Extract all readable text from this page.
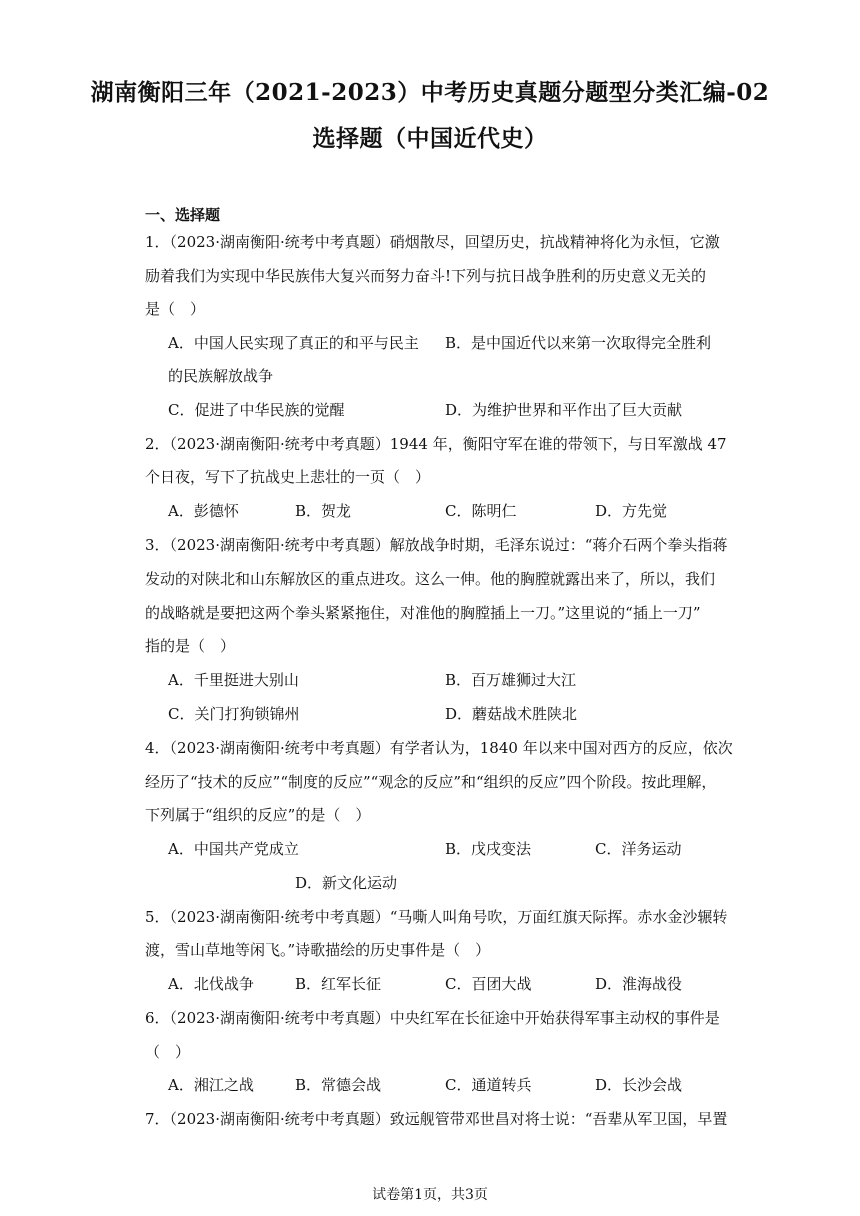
湖南衡阳三年（2021-2023）中考历史真题分题型分类汇编-02
选择题（中国近代史）
一、选择题
1．（2023·湖南衡阳·统考中考真题）硝烟散尽，回望历史，抗战精神将化为永恒，它激
励着我们为实现中华民族伟大复兴而努力奋斗!下列与抗日战争胜利的历史意义无关的
是（　）
A．中国人民实现了真正的和平与民主 B．是中国近代以来第一次取得完全胜利
的民族解放战争
C．促进了中华民族的觉醒	D．为维护世界和平作出了巨大贡献
2．（2023·湖南衡阳·统考中考真题）1944 年，衡阳守军在谁的带领下，与日军激战 47
个日夜，写下了抗战史上悲壮的一页（　）
A．彭德怀	B．贺龙	C．陈明仁	D．方先觉
3．（2023·湖南衡阳·统考中考真题）解放战争时期，毛泽东说过：“蒋介石两个拳头指蒋
发动的对陕北和山东解放区的重点进攻。这么一伸。他的胸膛就露出来了，所以，我们
的战略就是要把这两个拳头紧紧拖住，对准他的胸膛插上一刀。”这里说的“插上一刀”
指的是（　）
A．千里挺进大别山	B．百万雄狮过大江
C．关门打狗锁锦州	D．蘑菇战术胜陕北
4．（2023·湖南衡阳·统考中考真题）有学者认为，1840 年以来中国对西方的反应，依次
经历了“技术的反应”“制度的反应”“观念的反应”和“组织的反应”四个阶段。按此理解，
下列属于“组织的反应”的是（　）
A．中国共产党成立	B．戊戌变法	C．洋务运动
D．新文化运动
5．（2023·湖南衡阳·统考中考真题）“马嘶人叫角号吹，万面红旗天际挥。赤水金沙辗转
渡，雪山草地等闲飞。”诗歌描绘的历史事件是（　）
A．北伐战争	B．红军长征	C．百团大战	D．淮海战役
6．（2023·湖南衡阳·统考中考真题）中央红军在长征途中开始获得军事主动权的事件是
（　）
A．湘江之战	B．常德会战	C．通道转兵	D．长沙会战
7．（2023·湖南衡阳·统考中考真题）致远舰管带邓世昌对将士说：“吾辈从军卫国，早置
试卷第1页，共3页
